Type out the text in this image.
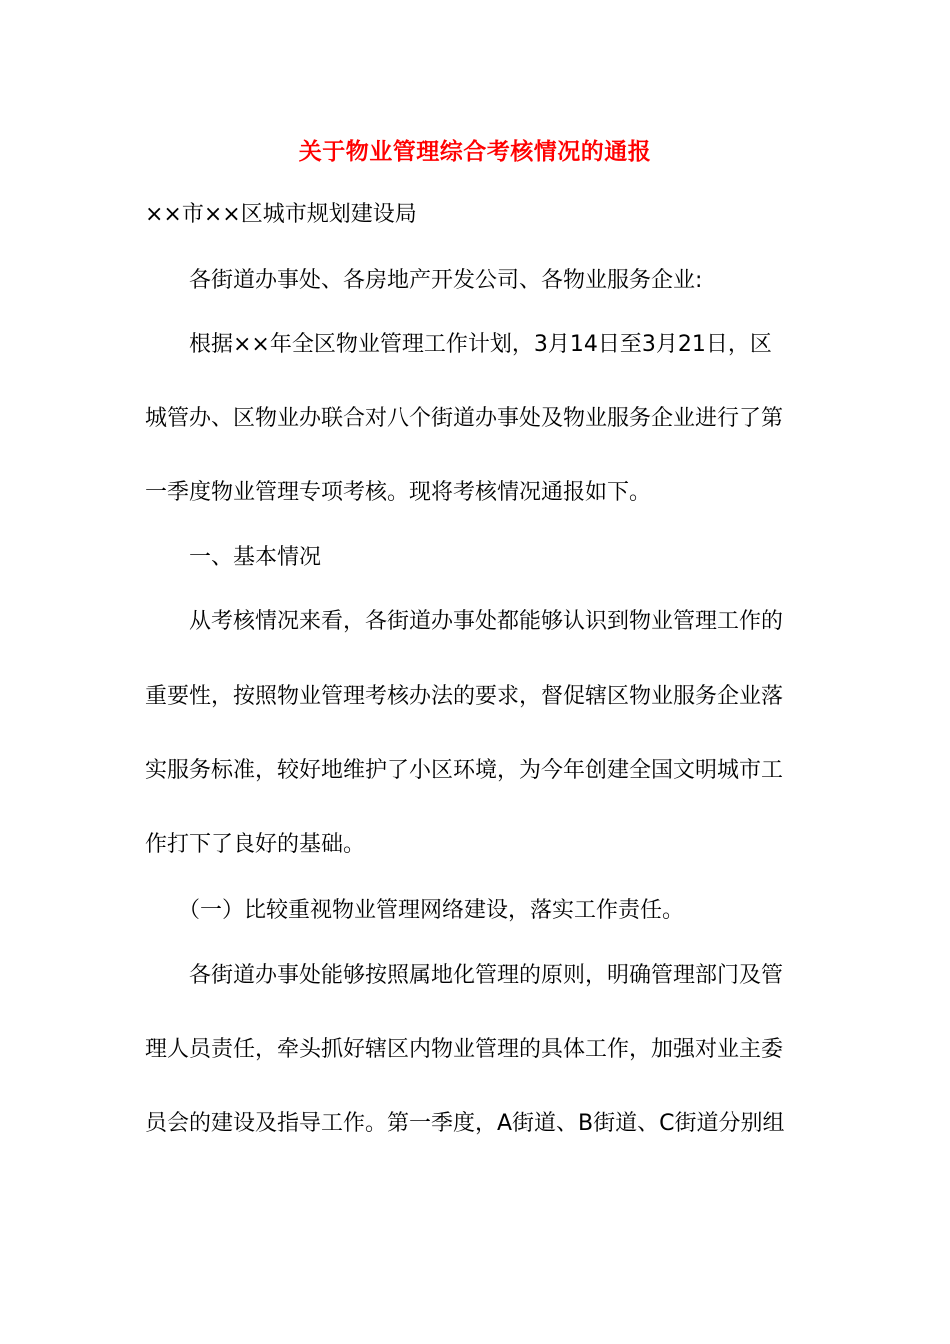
关于物业管理综合考核情况的通报
××市××区城市规划建设局
各街道办事处、各房地产开发公司、各物业服务企业:
根据××年全区物业管理工作计划，3月14日至3月21日，区
城管办、区物业办联合对八个街道办事处及物业服务企业进行了第
一季度物业管理专项考核。现将考核情况通报如下。
一、基本情况
从考核情况来看，各街道办事处都能够认识到物业管理工作的
重要性，按照物业管理考核办法的要求，督促辖区物业服务企业落
实服务标准，较好地维护了小区环境，为今年创建全国文明城市工
作打下了良好的基础。
（一）比较重视物业管理网络建设，落实工作责任。
各街道办事处能够按照属地化管理的原则，明确管理部门及管
理人员责任，牵头抓好辖区内物业管理的具体工作，加强对业主委
员会的建设及指导工作。第一季度，A街道、B街道、C街道分别组
